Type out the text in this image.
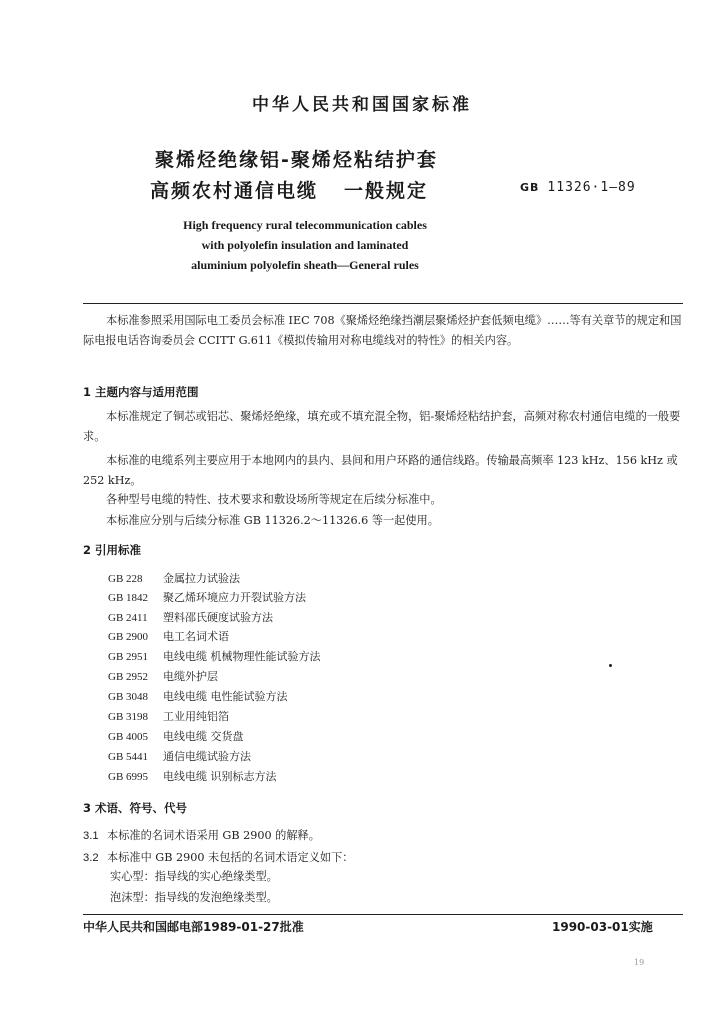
中华人民共和国国家标准
聚烯烃绝缘铝-聚烯烃粘结护套
高频农村通信电缆 一般规定	GB 11326·1—89
High frequency rural telecommunication cables
with polyolefin insulation and laminated
aluminium polyolefin sheath—General rules
本标准参照采用国际电工委员会标准 IEC 708《聚烯烃绝缘挡潮层聚烯烃护套低频电缆》……等有关章节的规定和国际电报电话咨询委员会 CCITT G.611《模拟传输用对称电缆线对的特性》的相关内容。
1 主题内容与适用范围
本标准规定了铜芯或铝芯、聚烯烃绝缘，填充或不填充混全物，铝-聚烯烃粘结护套，高频对称农村通信电缆的一般要求。
本标准的电缆系列主要应用于本地网内的县内、县间和用户环路的通信线路。传输最高频率 123 kHz、156 kHz 或 252 kHz。
各种型号电缆的特性、技术要求和敷设场所等规定在后续分标准中。
本标准应分别与后续分标准 GB 11326.2～11326.6 等一起使用。
2 引用标准
GB 228 金属拉力试验法
GB 1842 聚乙烯环境应力开裂试验方法
GB 2411 塑料邵氏硬度试验方法
GB 2900 电工名词术语
GB 2951 电线电缆 机械物理性能试验方法
GB 2952 电缆外护层
GB 3048 电线电缆 电性能试验方法
GB 3198 工业用纯铝箔
GB 4005 电线电缆 交货盘
GB 5441 通信电缆试验方法
GB 6995 电线电缆 识别标志方法
3 术语、符号、代号
3.1 本标准的名词术语采用 GB 2900 的解释。
3.2 本标准中 GB 2900 未包括的名词术语定义如下：
实心型：指导线的实心绝缘类型。
泡沫型：指导线的发泡绝缘类型。
中华人民共和国邮电部1989-01-27批准	1990-03-01实施
19
